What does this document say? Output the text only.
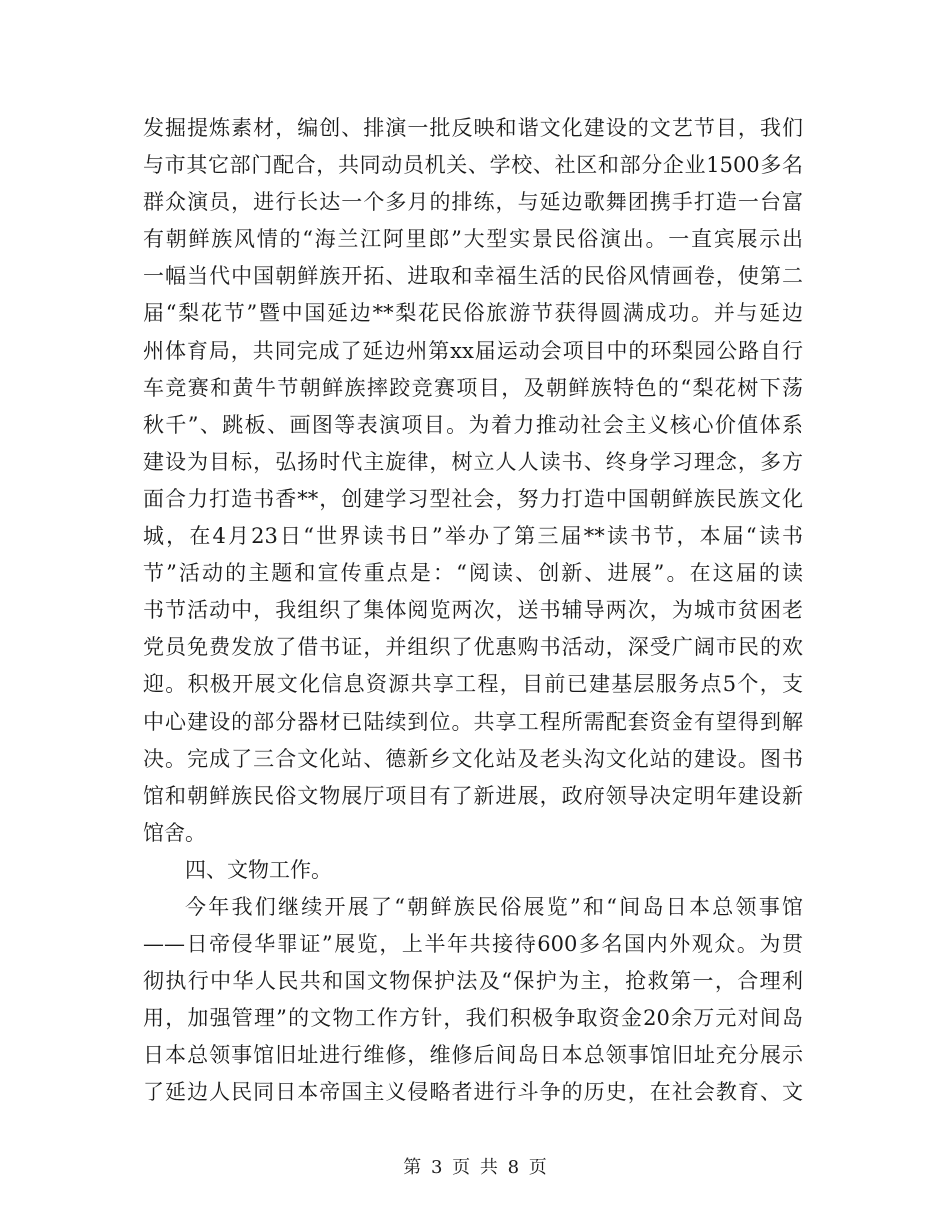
发掘提炼素材，编创、排演一批反映和谐文化建设的文艺节目，我们
与市其它部门配合，共同动员机关、学校、社区和部分企业1500多名
群众演员，进行长达一个多月的排练，与延边歌舞团携手打造一台富
有朝鲜族风情的“海兰江阿里郎”大型实景民俗演出。一直宾展示出
一幅当代中国朝鲜族开拓、进取和幸福生活的民俗风情画卷，使第二
届“梨花节”暨中国延边**梨花民俗旅游节获得圆满成功。并与延边
州体育局，共同完成了延边州第xx届运动会项目中的环梨园公路自行
车竞赛和黄牛节朝鲜族摔跤竞赛项目，及朝鲜族特色的“梨花树下荡
秋千”、跳板、画图等表演项目。为着力推动社会主义核心价值体系
建设为目标，弘扬时代主旋律，树立人人读书、终身学习理念，多方
面合力打造书香**，创建学习型社会，努力打造中国朝鲜族民族文化
城，在4月23日“世界读书日”举办了第三届**读书节，本届“读书
节”活动的主题和宣传重点是：“阅读、创新、进展”。在这届的读
书节活动中，我组织了集体阅览两次，送书辅导两次，为城市贫困老
党员免费发放了借书证，并组织了优惠购书活动，深受广阔市民的欢
迎。积极开展文化信息资源共享工程，目前已建基层服务点5个，支
中心建设的部分器材已陆续到位。共享工程所需配套资金有望得到解
决。完成了三合文化站、德新乡文化站及老头沟文化站的建设。图书
馆和朝鲜族民俗文物展厅项目有了新进展，政府领导决定明年建设新
馆舍。
四、文物工作。
今年我们继续开展了“朝鲜族民俗展览”和“间岛日本总领事馆
——日帝侵华罪证”展览，上半年共接待600多名国内外观众。为贯
彻执行中华人民共和国文物保护法及“保护为主，抢救第一，合理利
用，加强管理”的文物工作方针，我们积极争取资金20余万元对间岛
日本总领事馆旧址进行维修，维修后间岛日本总领事馆旧址充分展示
了延边人民同日本帝国主义侵略者进行斗争的历史，在社会教育、文
第 3 页 共 8 页
